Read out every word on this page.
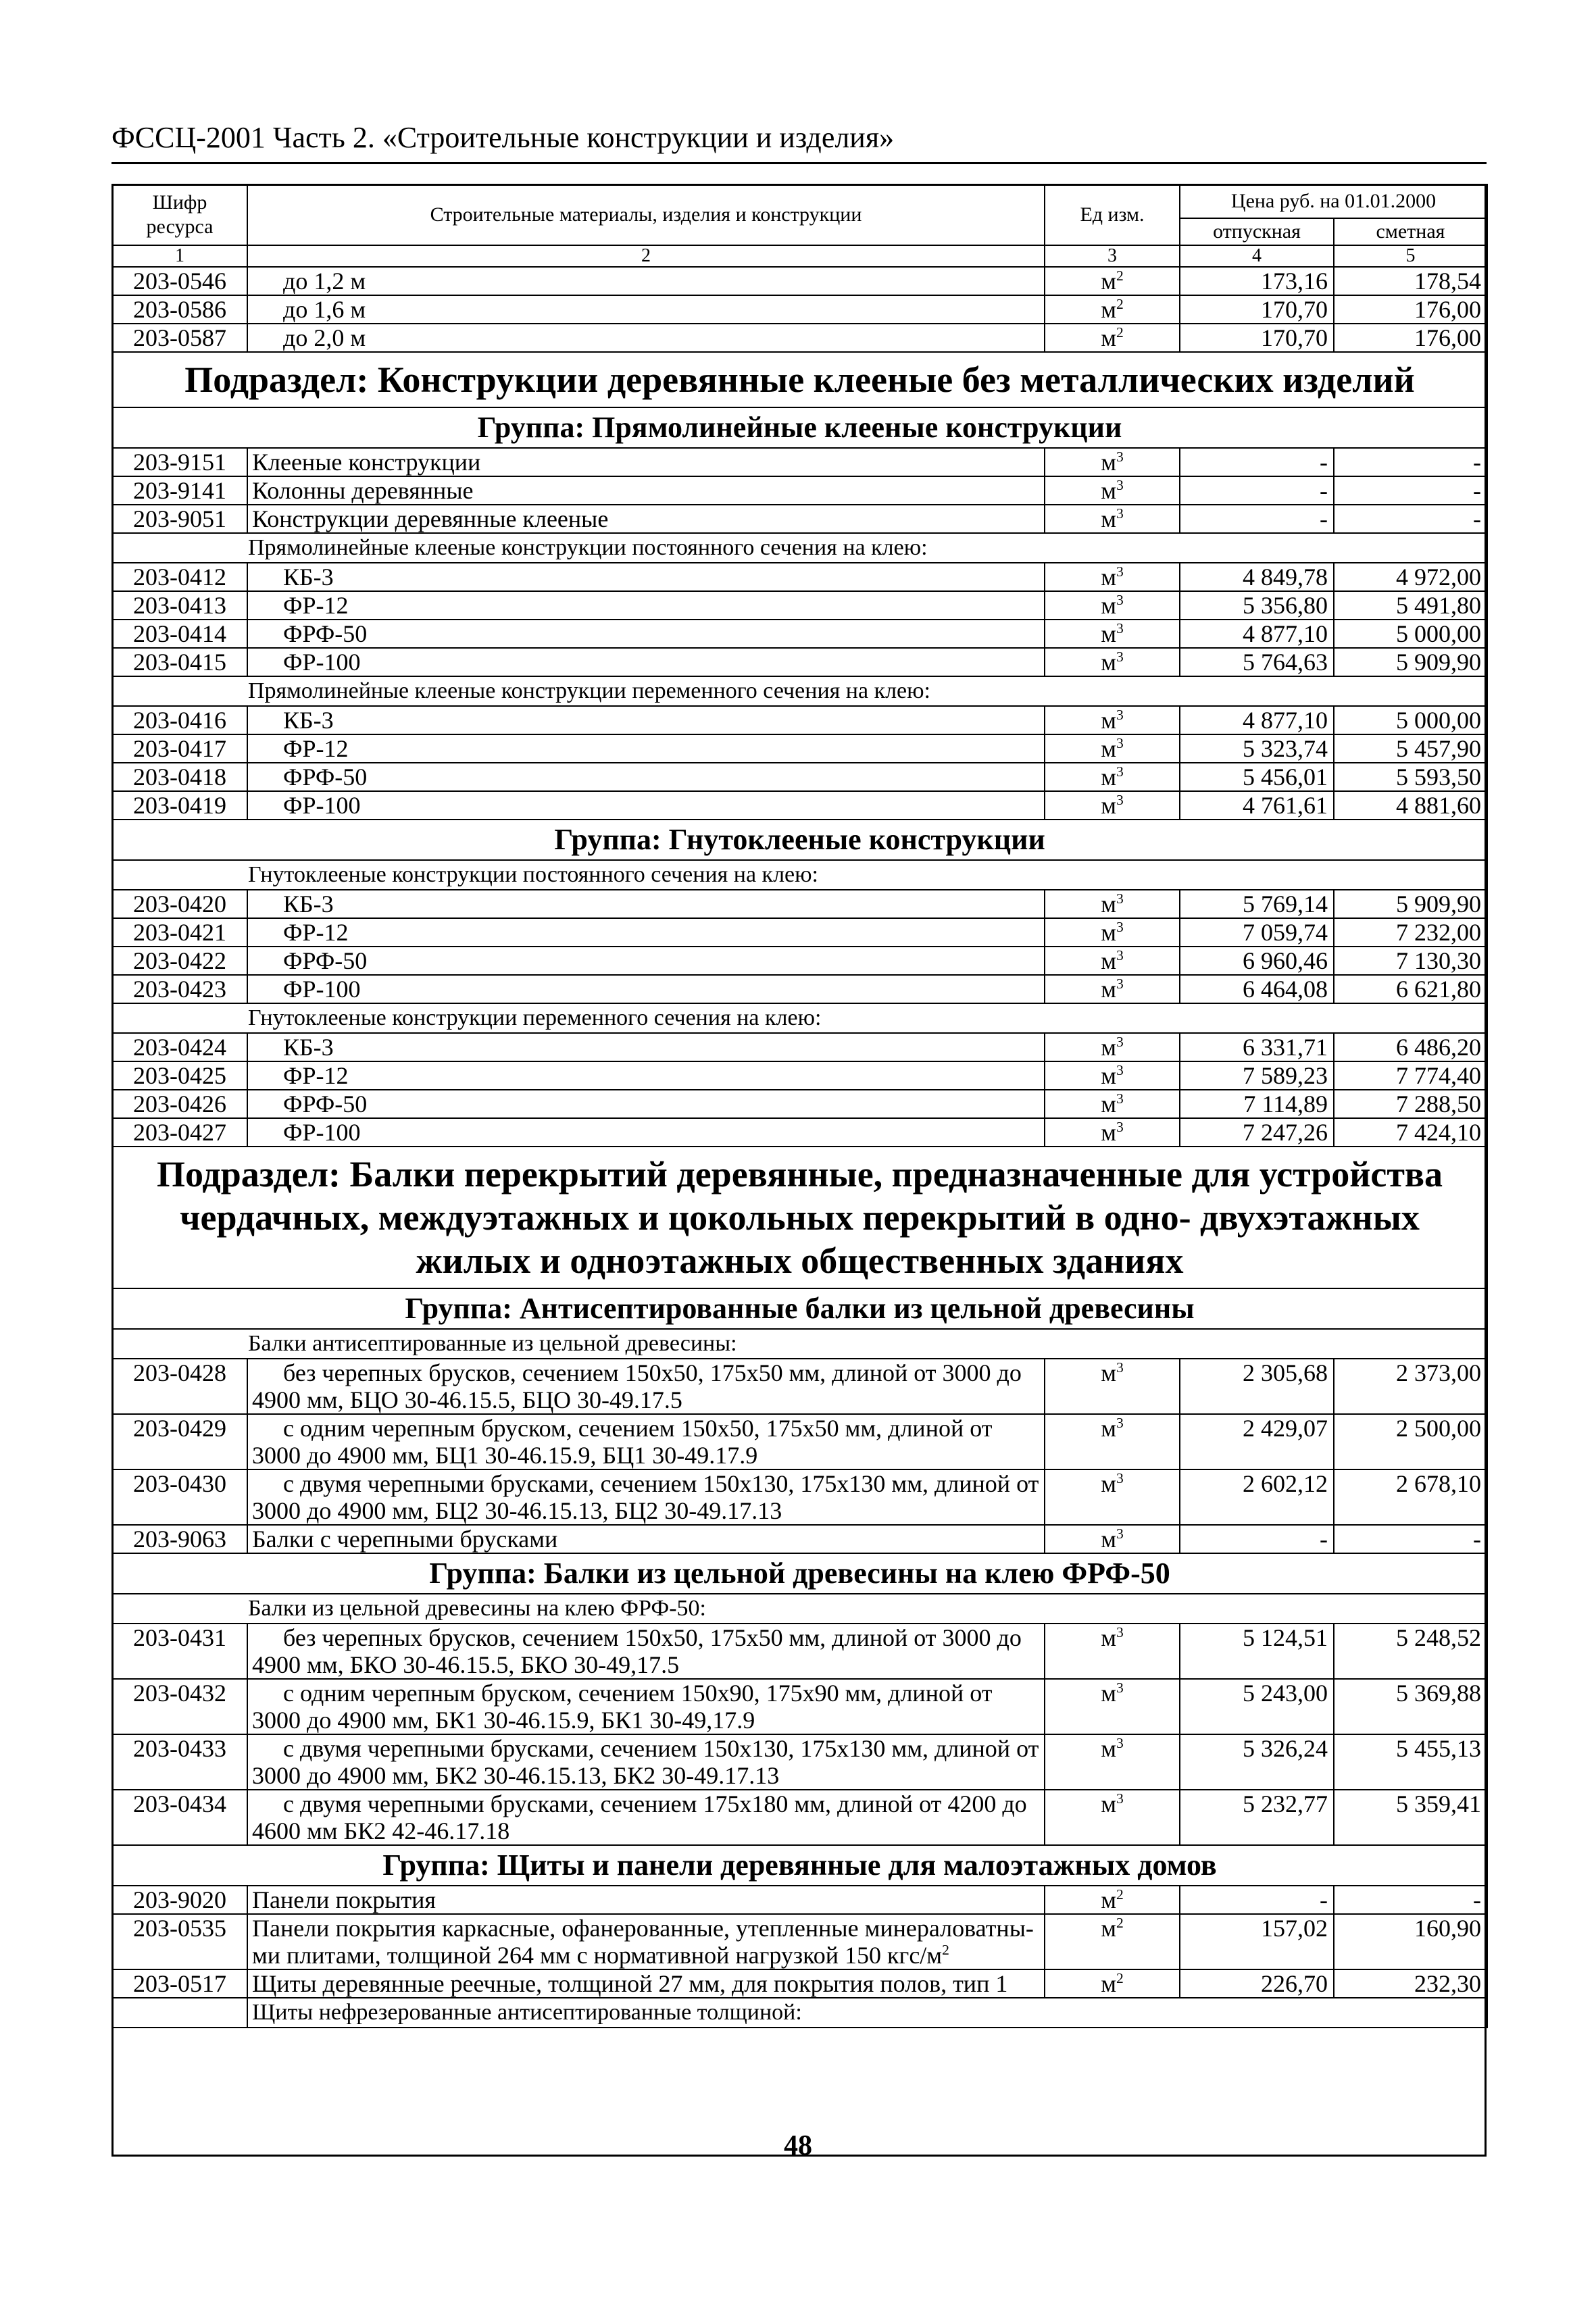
ФССЦ-2001 Часть 2. «Строительные конструкции и изделия»
Шифр ресурса	Строительные материалы, изделия и конструкции	Ед изм.	Цена руб. на 01.01.2000	
			отпускная	сметная
1	2	3	4	5
203-0546	до 1,2 м	$м^2$	173,16	178,54
203-0586	до 1,6 м	$м^2$	170,70	176,00
203-0587	до 2,0 м	$м^2$	170,70	176,00
Подраздел: Конструкции деревянные клееные без металлических изделий				
Группа: Прямолинейные клееные конструкции				
203-9151	Клееные конструкции	$м^3$	-	-
203-9141	Колонны деревянные	$м^3$	-	-
203-9051	Конструкции деревянные клееные	$м^3$	-	-
Прямолинейные клееные конструкции постоянного сечения на клею:				
203-0412	КБ-3	$м^3$	4 849,78	4 972,00
203-0413	ФР-12	$м^3$	5 356,80	5 491,80
203-0414	ФРФ-50	$м^3$	4 877,10	5 000,00
203-0415	ФР-100	$м^3$	5 764,63	5 909,90
Прямолинейные клееные конструкции переменного сечения на клею:				
203-0416	КБ-3	$м^3$	4 877,10	5 000,00
203-0417	ФР-12	$м^3$	5 323,74	5 457,90
203-0418	ФРФ-50	$м^3$	5 456,01	5 593,50
203-0419	ФР-100	$м^3$	4 761,61	4 881,60
Группа: Гнутоклееные конструкции				
Гнутоклееные конструкции постоянного сечения на клею:				
203-0420	КБ-3	$м^3$	5 769,14	5 909,90
203-0421	ФР-12	$м^3$	7 059,74	7 232,00
203-0422	ФРФ-50	$м^3$	6 960,46	7 130,30
203-0423	ФР-100	$м^3$	6 464,08	6 621,80
Гнутоклееные конструкции переменного сечения на клею:				
203-0424	КБ-3	$м^3$	6 331,71	6 486,20
203-0425	ФР-12	$м^3$	7 589,23	7 774,40
203-0426	ФРФ-50	$м^3$	7 114,89	7 288,50
203-0427	ФР-100	$м^3$	7 247,26	7 424,10
Подраздел: Балки перекрытий деревянные, предназначенные для устройства чердачных, междуэтажных и цокольных перекрытий в одно- двухэтажных жилых и одноэтажных общественных зданиях				
Группа: Антисептированные балки из цельной древесины				
Балки антисептированные из цельной древесины:				
203-0428	без черепных брусков, сечением 150х50, 175х50 мм, длиной от 3000 до
4900 мм, БЦО 30-46.15.5, БЦО 30-49.17.5	$м^3$	2 305,68	2 373,00
203-0429	с одним черепным бруском, сечением 150х50, 175х50 мм, длиной от
3000 до 4900 мм, БЦ1 30-46.15.9, БЦ1 30-49.17.9	$м^3$	2 429,07	2 500,00
203-0430	с двумя черепными брусками, сечением 150х130, 175х130 мм, длиной от
3000 до 4900 мм, БЦ2 30-46.15.13, БЦ2 30-49.17.13	$м^3$	2 602,12	2 678,10
203-9063	Балки с черепными брусками	$м^3$	-	-
Группа: Балки из цельной древесины на клею ФРФ-50				
Балки из цельной древесины на клею ФРФ-50:				
203-0431	без черепных брусков, сечением 150х50, 175х50 мм, длиной от 3000 до
4900 мм, БКО 30-46.15.5, БКО 30-49,17.5	$м^3$	5 124,51	5 248,52
203-0432	с одним черепным бруском, сечением 150х90, 175х90 мм, длиной от
3000 до 4900 мм, БК1 30-46.15.9, БК1 30-49,17.9	$м^3$	5 243,00	5 369,88
203-0433	с двумя черепными брусками, сечением 150х130, 175х130 мм, длиной от
3000 до 4900 мм, БК2 30-46.15.13, БК2 30-49.17.13	$м^3$	5 326,24	5 455,13
203-0434	с двумя черепными брусками, сечением 175х180 мм, длиной от 4200 до
4600 мм БК2 42-46.17.18	$м^3$	5 232,77	5 359,41
Группа: Щиты и панели деревянные для малоэтажных домов				
203-9020	Панели покрытия	$м^2$	-	-
203-0535	Панели покрытия каркасные, офанерованные, утепленные минераловатны-
ми плитами, толщиной 264 мм с нормативной нагрузкой 150 кгс/$м^2$	$м^2$	157,02	160,90
203-0517	Щиты деревянные реечные, толщиной 27 мм, для покрытия полов, тип 1	$м^2$	226,70	232,30
	Щиты нефрезерованные антисептированные толщиной:			
48
